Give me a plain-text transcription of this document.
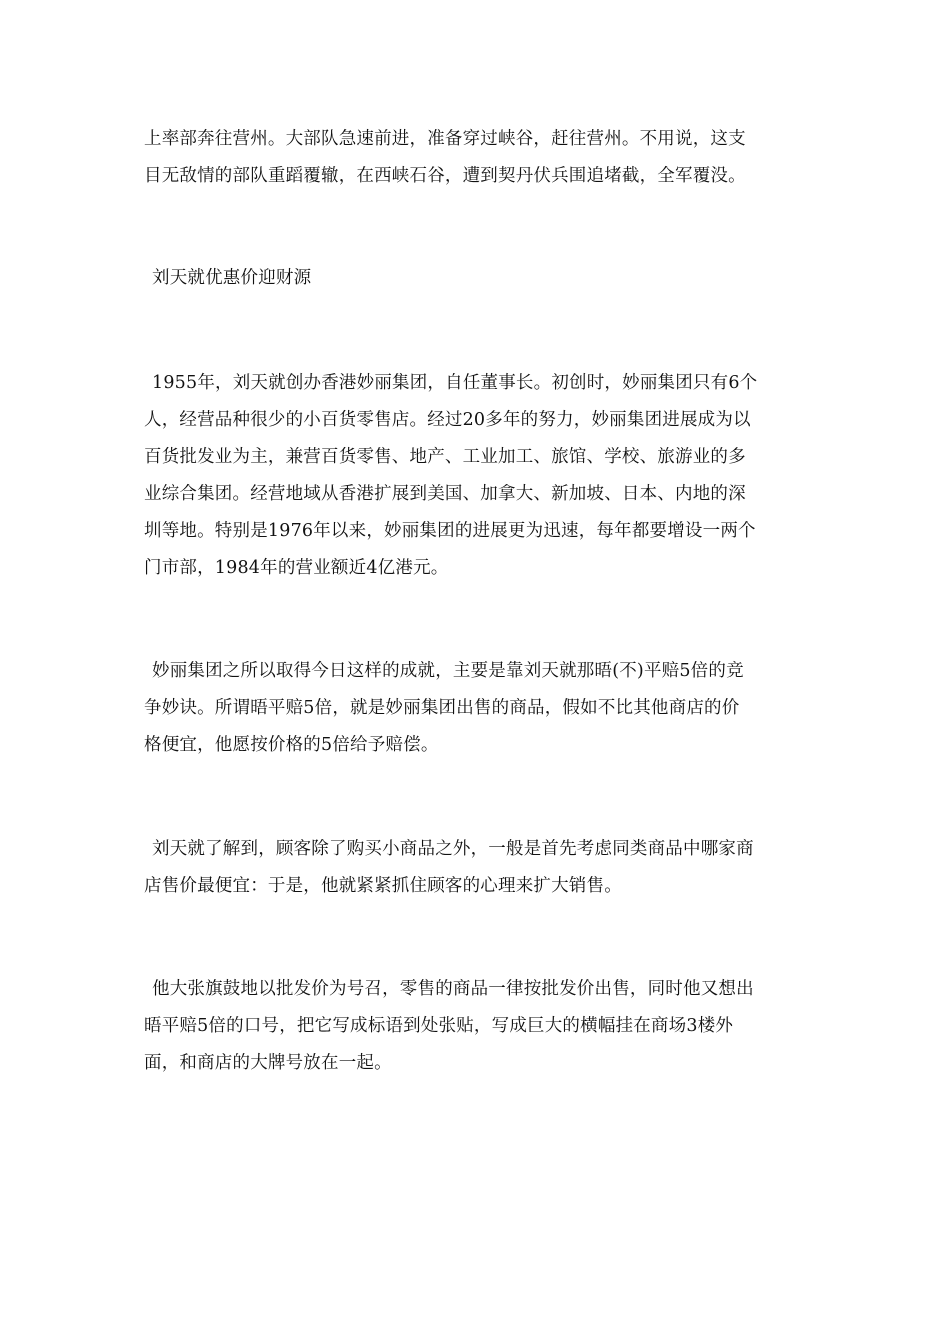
上率部奔往营州。大部队急速前进，准备穿过峡谷，赶往营州。不用说，这支
目无敌情的部队重蹈覆辙，在西峡石谷，遭到契丹伏兵围追堵截，全军覆没。
刘天就优惠价迎财源
1955年，刘天就创办香港妙丽集团，自任董事长。初创时，妙丽集团只有6个
人，经营品种很少的小百货零售店。经过20多年的努力，妙丽集团进展成为以
百货批发业为主，兼营百货零售、地产、工业加工、旅馆、学校、旅游业的多
业综合集团。经营地域从香港扩展到美国、加拿大、新加坡、日本、内地的深
圳等地。特别是1976年以来，妙丽集团的进展更为迅速，每年都要增设一两个
门市部，1984年的营业额近4亿港元。
妙丽集团之所以取得今日这样的成就，主要是靠刘天就那晤(不)平赔5倍的竞
争妙诀。所谓晤平赔5倍，就是妙丽集团出售的商品，假如不比其他商店的价
格便宜，他愿按价格的5倍给予赔偿。
刘天就了解到，顾客除了购买小商品之外，一般是首先考虑同类商品中哪家商
店售价最便宜：于是，他就紧紧抓住顾客的心理来扩大销售。
他大张旗鼓地以批发价为号召，零售的商品一律按批发价出售，同时他又想出
晤平赔5倍的口号，把它写成标语到处张贴，写成巨大的横幅挂在商场3楼外
面，和商店的大牌号放在一起。
